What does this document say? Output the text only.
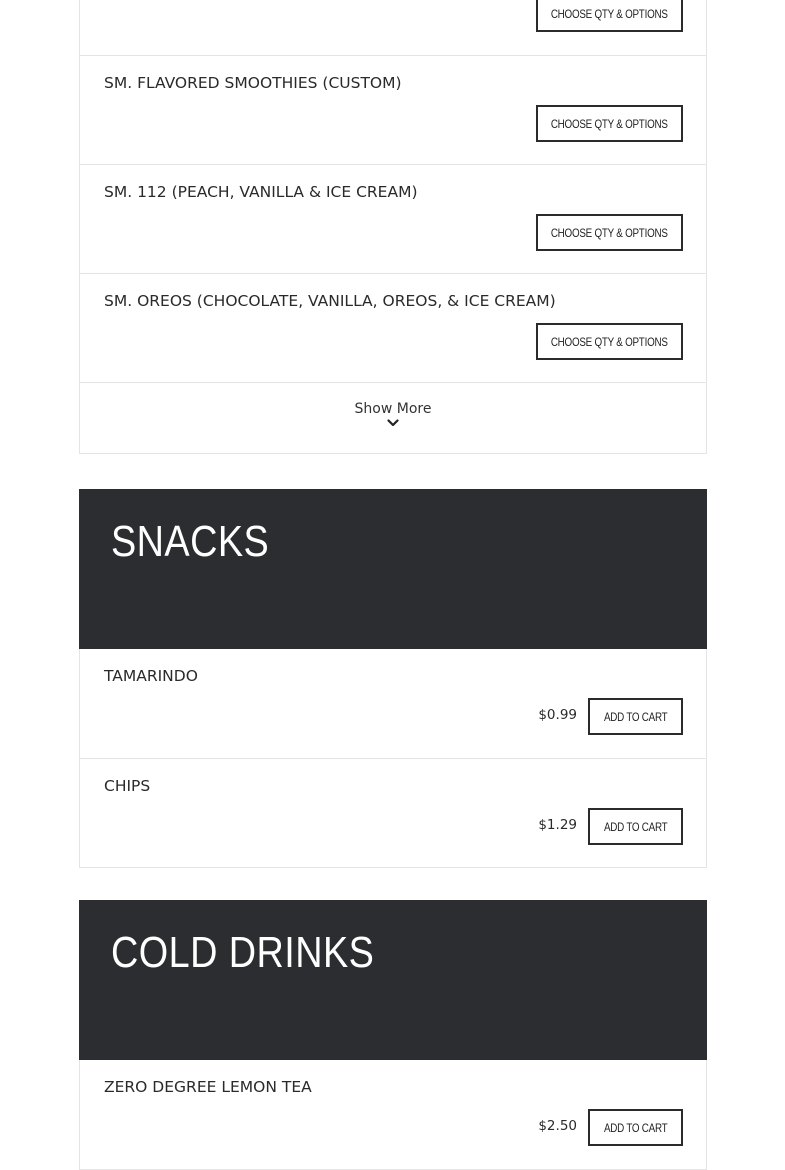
CHOOSE QTY & OPTIONS
SM. FLAVORED SMOOTHIES (CUSTOM)
CHOOSE QTY & OPTIONS
SM. 112 (PEACH, VANILLA & ICE CREAM)
CHOOSE QTY & OPTIONS
SM. OREOS (CHOCOLATE, VANILLA, OREOS, & ICE CREAM)
CHOOSE QTY & OPTIONS
Show More
SNACKS
TAMARINDO
$0.99 ADD TO CART
CHIPS
$1.29 ADD TO CART
COLD DRINKS
ZERO DEGREE LEMON TEA
$2.50 ADD TO CART
